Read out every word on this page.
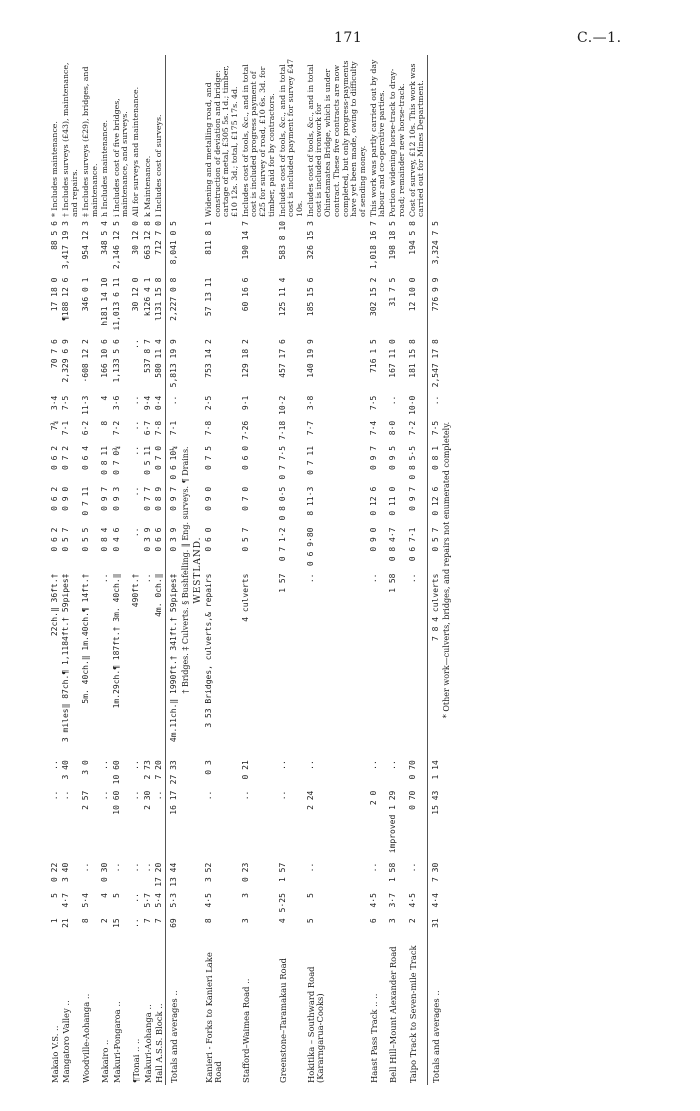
171	C.—1.
Makaio V.S. ..	1	5	0 22	..	..	22ch.‖ 36ft.†	0 6 2	0 6 2	0 6 2	7¾	3·4	70 7 6	17 18 0	88 5 6	* Includes maintenance.
Mangatoro Valley ..	21	4·7	3 40	..	3 40	3 miles‖ 87ch.¶ 1,1184ft.† 59pipes‡	0 5 7	0 9 0	0 7 2	7·1	7·5	2,329 6 9	¶188 12 6	3,417 19 3	† Includes surveys (£43), maintenance, and repairs.
Woodville-Aohanga ..	8	5·4	..	2 57	3 0	5m. 40ch.‖ 1m.40ch.¶ 14ft.†	0 5 5	0 7 11	0 6 4	6·2	11·3	·608 12 2	346 0 1	954 12 3	‡ Includes surveys (£29), bridges, and maintenance.
Makairo ..	2	4	0 30	..	..	..	0 8 4	0 9 7	0 8 11	8	4	166 10 6	h181 14 10	348 5 4	h Includes maintenance.
Makuri-Pongaroa ..	15	5	..	10 60	10 60	1m.29ch.¶ 187ft.† 3m. 40ch.‖	0 4 6	0 9 3	0 7 0¾	7·2	3·6	1,133 5 6	i1,013 6 11	2,146 12 5	i Includes cost of five bridges, maintenance, and surveys.
¶Tonai .. ..	..	..	..	..	..	490ft.†	..	..	..	..	..	..	30 12 0	30 12 0	All for surveys and maintenance.
Makuri-Aohanga ..	7	5·7	..	2 30	2 73	..	0 3 9	0 7 7	0 5 11	6·7	9·4	537 8 7	k126 4 1	663 12 8	k Maintenance.
Hall A.S.S. Block ..	7	5·4	17 20	..	7 20	4m. 0ch.‖	0 6 6	0 8 9	0 7 0	7·8	0·4	580 11 4	l131 15 8	712 7 0	l Includes cost of surveys.
Totals and averages ..	69	5·3	13 44	16 17	27 33	4m.11ch.‖ 1990ft.† 341ft.† 59pipes‡	0 3 9	0 9 7	0 6 10¼	7·1	..	5,813 19 9	2,227 0 8	8,041 0 5	
† Bridges. ‡ Culverts. § Bushfelling. ‖ Eng. surveys. ¶ Drains.															
WESTLAND.															
Kanieri - Forks to Kanieri Lake Road	8	4·5	3 52	..	0 3	3 53 Bridges, culverts,& repairs	0 6 0	0 9 0	0 7 5	7·8	2·5	753 14 2	57 13 11	811 8 1	Widening and metalling road, and construction of deviation and bridge: cartage of metal, £305 5s. 1d.; timber, £10 12s. 3d.; total, £175 17s. 4d.
Stafford–Waimea Road ..	3	3	0 23	..	0 21	4 culverts	0 5 7	0 7 0	0 6 0	7·26	9·1	129 18 2	60 16 6	190 14 7	Includes cost of tools, &c., and in total cost is included progress payment of £25 for survey of road, £10 6s. 3d. for timber, paid for by contractors.
Greenstone–Taramakau Road	4	5·25	1 57	..	..	1 57	0 7 1·2	0 8 0·5	0 7 7·5	7·18	10·2	457 17 6	125 11 4	583 8 10	Includes cost of tools, &c., and in total cost is included payment for survey £47 10s.
Hokitika – Southward Road (Kararngarua-Cooks)	5	5	..	2 24	..	..	0 6 9·80	8 11·3	0 7 11	7·7	3·8	140 19 9	185 15 6	326 15 3	Includes cost of tools, &c., and in total cost is included ironwork for Ohinetamatea Bridge, which is under contract. These five contracts are now completed, but only progress-payments have yet been made, owing to difficulty of sending money.
Haast Pass Track .. ..	6	4·5	..	2 0	..	..	0 9 0	0 12 6	0 9 7	7·4	7·5	716 1 5	302 15 2	1,018 16 7	This work was partly carried out by day labour and co-operative parties.
Bell Hill–Mount Alexander Road	3	3·7	1 58	improved 1 29	..	1 58	0 8 4·7	0 11 0	0 9 5	8·0	..	167 11 0	31 7 5	198 18 5	Portion widening horse-track to dray-road; remainder new horse-track.
Taipo Track to Seven-mile Track	2	4·5	..	0 70	0 70	..	0 6 7·1	0 9 7	0 8 5·5	7·2	10·0	181 15 8	12 10 0	194 5 8	Cost of survey, £12 10s. This work was carried out for Mines Department.
Totals and averages ..	31	4·4	7 30	15 43	1 14	7 8 4 culverts	0 5 7	0 12 6	0 8 1	7·5	..	2,547 17 8	776 9 9	3,324 7 5	
* Other work—culverts, bridges, and repairs not enumerated completely.															
